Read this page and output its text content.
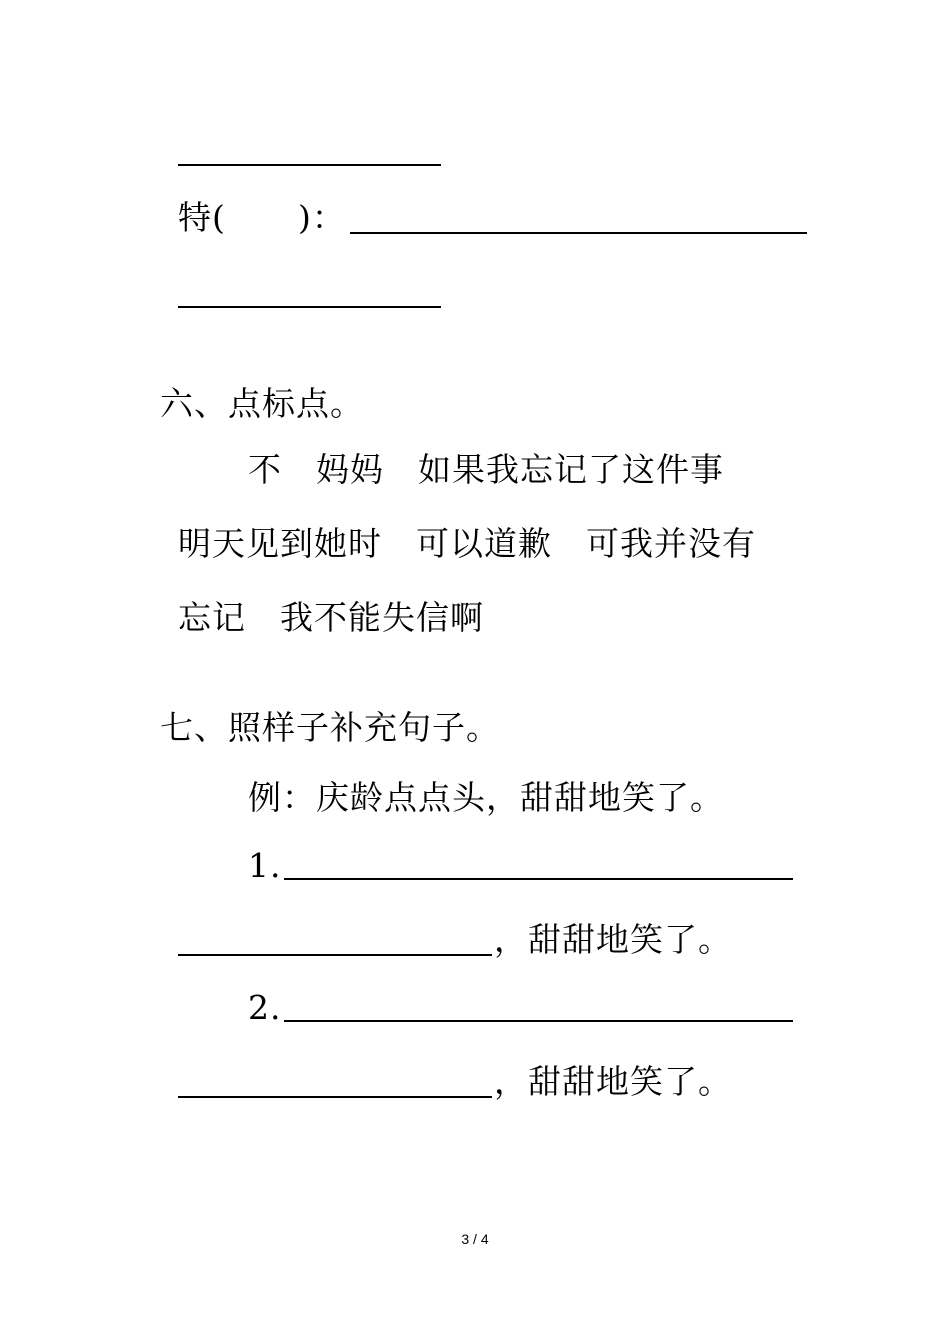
特( )：
六、点标点。
不　妈妈　如果我忘记了这件事
明天见到她时　可以道歉　可我并没有
忘记　我不能失信啊
七、照样子补充句子。
例：庆龄点点头，甜甜地笑了。
1.
，甜甜地笑了。
2.
，甜甜地笑了。
3 / 4
